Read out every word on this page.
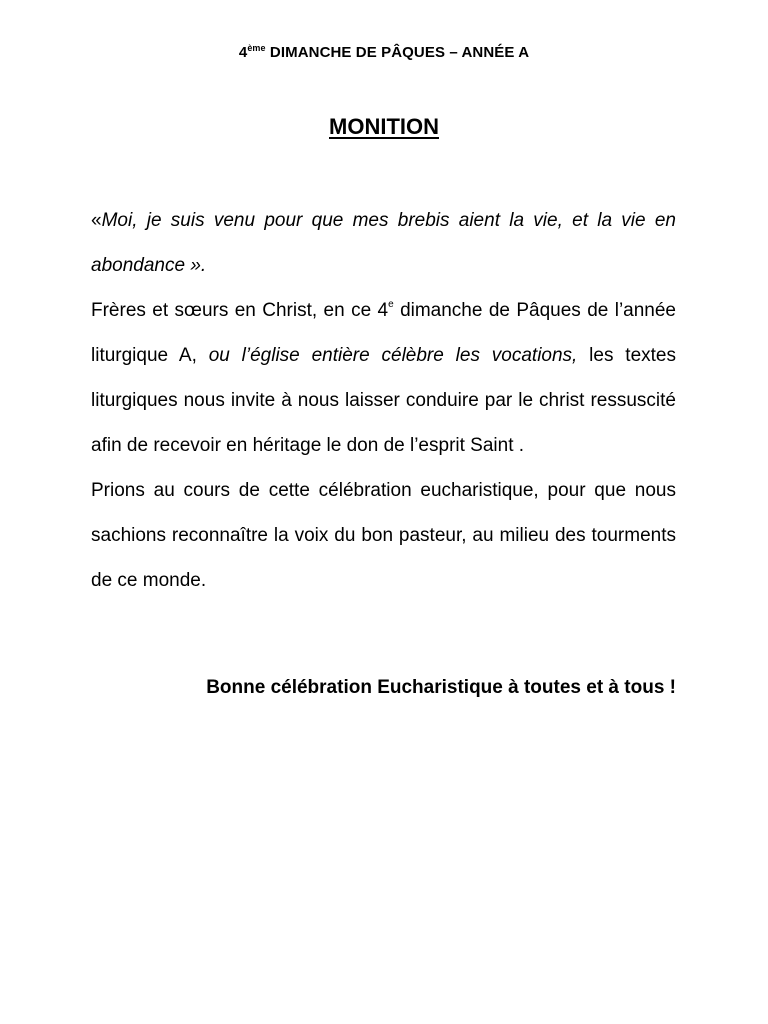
4ème DIMANCHE DE PÂQUES – ANNÉE A
MONITION

«Moi, je suis venu pour que mes brebis aient la vie, et la vie en abondance ».

Frères et sœurs en Christ, en ce 4e dimanche de Pâques de l’année liturgique A, ou l’église entière célèbre les vocations, les textes liturgiques nous invite à nous laisser conduire par le christ ressuscité afin de recevoir en héritage le don de l’esprit Saint .

Prions au cours de cette célébration eucharistique, pour que nous sachions reconnaître la voix du bon pasteur, au milieu des tourments de ce monde.

Bonne célébration Eucharistique à toutes et à tous !
